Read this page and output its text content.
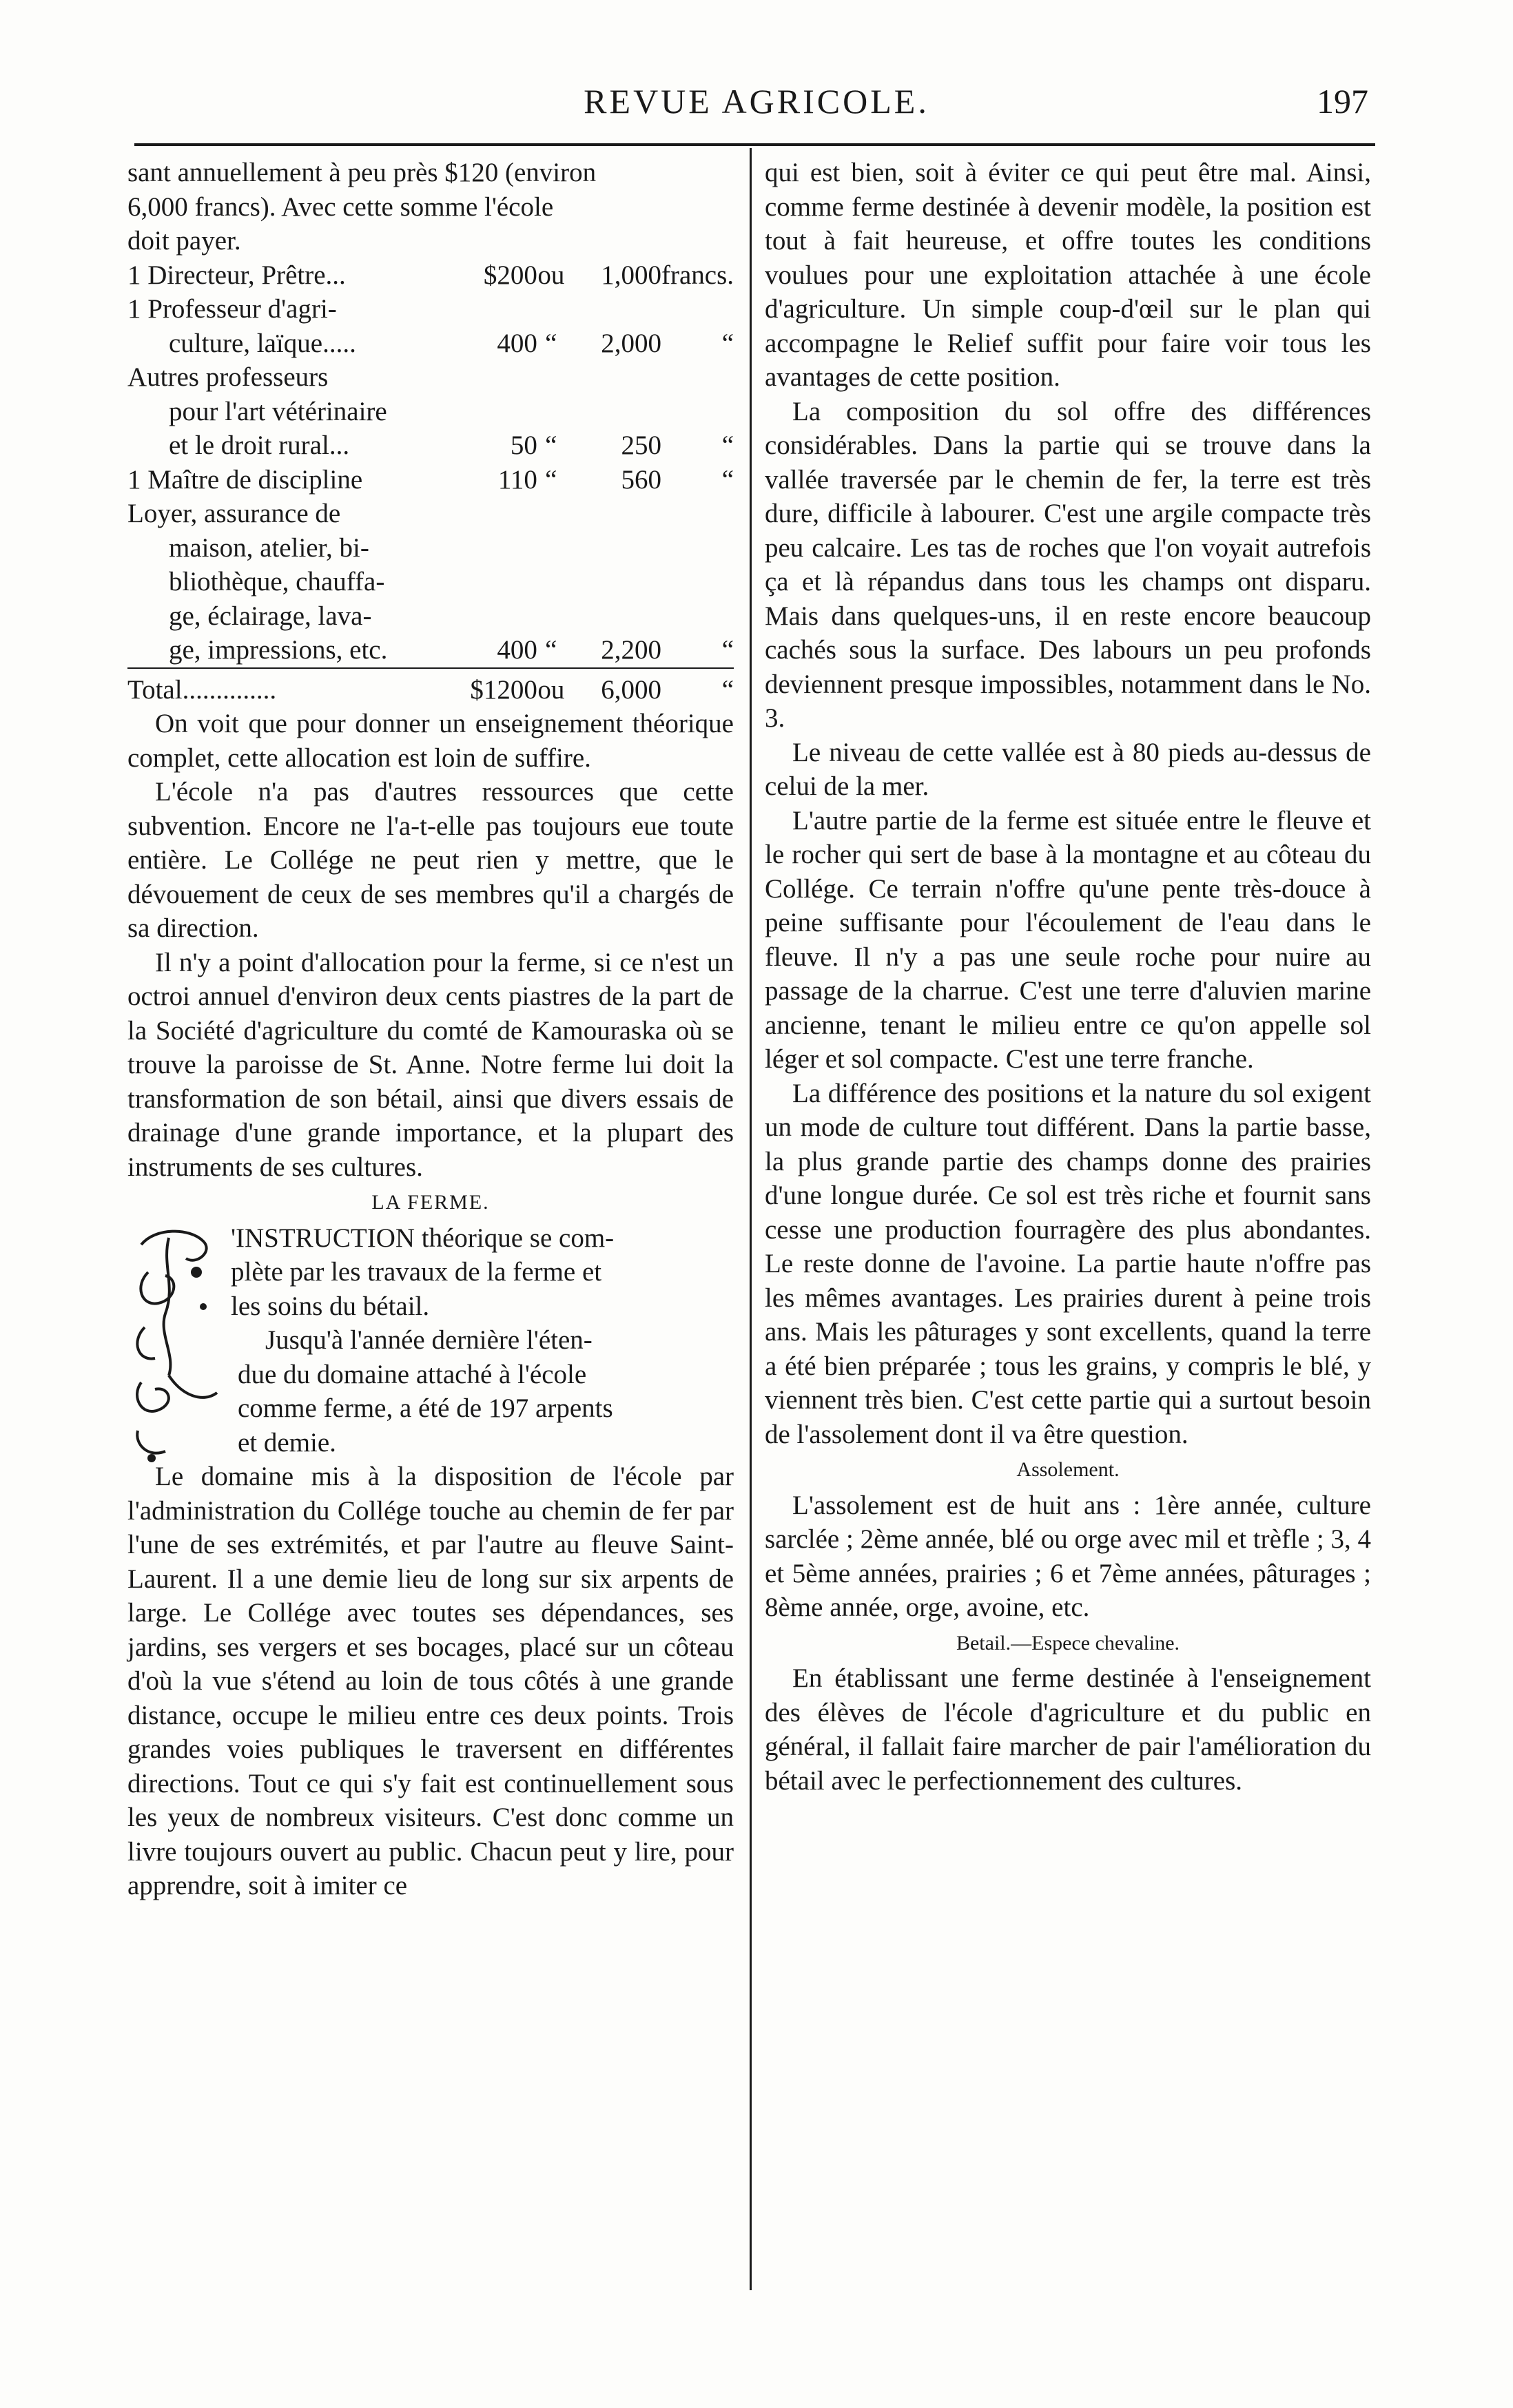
REVUE AGRICOLE.	197

sant annuellement à peu près $120 (environ

6,000 francs). Avec cette somme l'école

doit payer.

1 Directeur, Prêtre...	$200	ou	1,000	francs.
1 Professeur d'agri-				
culture, laïque.....	400	“	2,000	“
Autres professeurs				
pour l'art vétérinaire				
et le droit rural...	50	“	250	“
1 Maître de discipline	110	“	560	“
Loyer, assurance de				
maison, atelier, bi-				
bliothèque, chauffa-				
ge, éclairage, lava-				
ge, impressions, etc.	400	“	2,200	“

Total..............	$1200	ou	6,000	“

On voit que pour donner un enseignement théorique complet, cette allocation est loin de suffire.

L'école n'a pas d'autres ressources que cette subvention. Encore ne l'a-t-elle pas toujours eue toute entière. Le Collége ne peut rien y mettre, que le dévouement de ceux de ses membres qu'il a chargés de sa direction.

Il n'y a point d'allocation pour la ferme, si ce n'est un octroi annuel d'environ deux cents piastres de la part de la Société d'agriculture du comté de Kamouraska où se trouve la paroisse de St. Anne. Notre ferme lui doit la transformation de son bétail, ainsi que divers essais de drainage d'une grande importance, et la plupart des instruments de ses cultures.

LA FERME.

'INSTRUCTION théorique se com-

plète par les travaux de la ferme et

les soins du bétail.

Jusqu'à l'année dernière l'éten-

due du domaine attaché à l'école

comme ferme, a été de 197 arpents

et demie.

Le domaine mis à la disposition de l'école par l'administration du Collége touche au chemin de fer par l'une de ses extrémités, et par l'autre au fleuve Saint-Laurent. Il a une demie lieu de long sur six arpents de large. Le Collége avec toutes ses dépendances, ses jardins, ses vergers et ses bocages, placé sur un côteau d'où la vue s'étend au loin de tous côtés à une grande distance, occupe le milieu entre ces deux points. Trois grandes voies publiques le traversent en différentes directions. Tout ce qui s'y fait est continuellement sous les yeux de nombreux visiteurs. C'est donc comme un livre toujours ouvert au public. Chacun peut y lire, pour apprendre, soit à imiter ce

qui est bien, soit à éviter ce qui peut être mal. Ainsi, comme ferme destinée à devenir modèle, la position est tout à fait heureuse, et offre toutes les conditions voulues pour une exploitation attachée à une école d'agriculture. Un simple coup-d'œil sur le plan qui accompagne le Relief suffit pour faire voir tous les avantages de cette position.

La composition du sol offre des différences considérables. Dans la partie qui se trouve dans la vallée traversée par le chemin de fer, la terre est très dure, difficile à labourer. C'est une argile compacte très peu calcaire. Les tas de roches que l'on voyait autrefois ça et là répandus dans tous les champs ont disparu. Mais dans quelques-uns, il en reste encore beaucoup cachés sous la surface. Des labours un peu profonds deviennent presque impossibles, notamment dans le No. 3.

Le niveau de cette vallée est à 80 pieds au-dessus de celui de la mer.

L'autre partie de la ferme est située entre le fleuve et le rocher qui sert de base à la montagne et au côteau du Collége. Ce terrain n'offre qu'une pente très-douce à peine suffisante pour l'écoulement de l'eau dans le fleuve. Il n'y a pas une seule roche pour nuire au passage de la charrue. C'est une terre d'aluvien marine ancienne, tenant le milieu entre ce qu'on appelle sol léger et sol compacte. C'est une terre franche.

La différence des positions et la nature du sol exigent un mode de culture tout différent. Dans la partie basse, la plus grande partie des champs donne des prairies d'une longue durée. Ce sol est très riche et fournit sans cesse une production fourragère des plus abondantes. Le reste donne de l'avoine. La partie haute n'offre pas les mêmes avantages. Les prairies durent à peine trois ans. Mais les pâturages y sont excellents, quand la terre a été bien préparée ; tous les grains, y compris le blé, y viennent très bien. C'est cette partie qui a surtout besoin de l'assolement dont il va être question.

Assolement.

L'assolement est de huit ans : 1ère année, culture sarclée ; 2ème année, blé ou orge avec mil et trèfle ; 3, 4 et 5ème années, prairies ; 6 et 7ème années, pâturages ; 8ème année, orge, avoine, etc.

Betail.—Espece chevaline.

En établissant une ferme destinée à l'enseignement des élèves de l'école d'agriculture et du public en général, il fallait faire marcher de pair l'amélioration du bétail avec le perfectionnement des cultures.
